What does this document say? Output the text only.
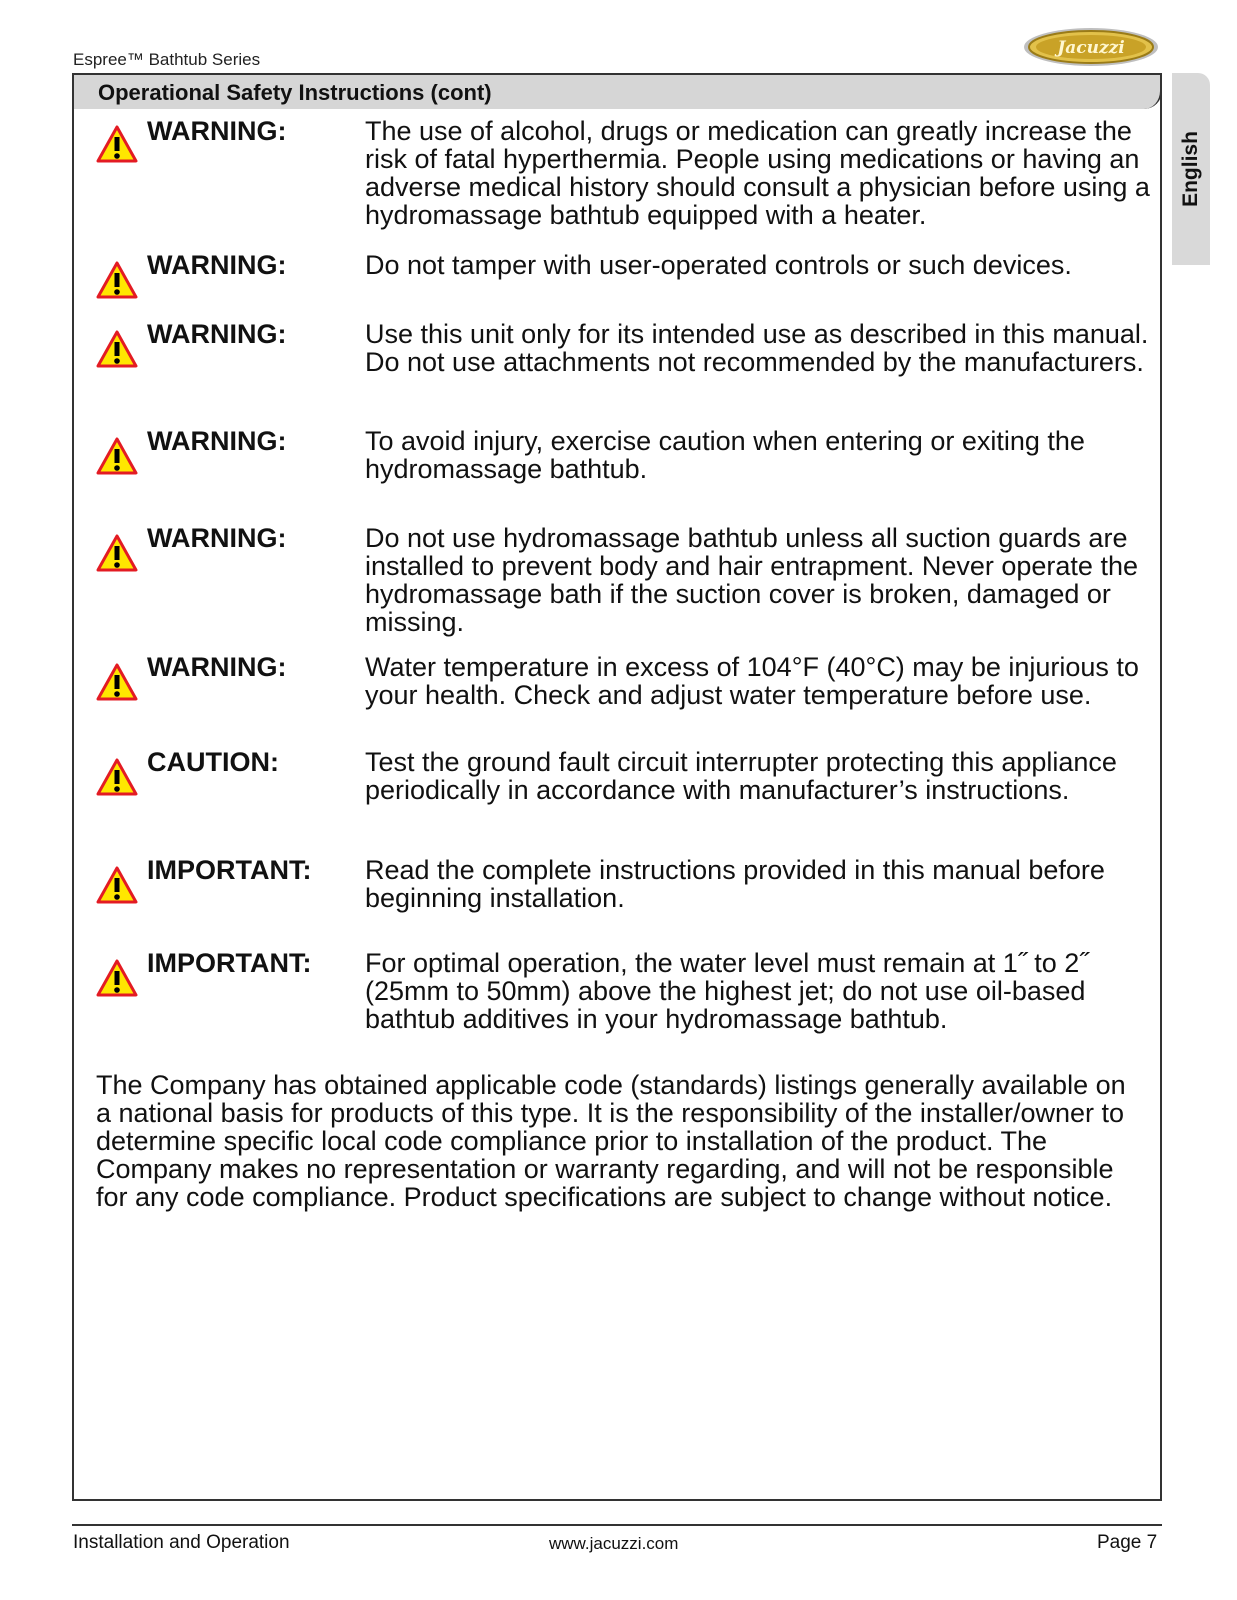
Espree™ Bathtub Series
Jacuzzi
Operational Safety Instructions (cont)
English
WARNING:	The use of alcohol, drugs or medication can greatly increase the risk of fatal hyperthermia. People using medications or having an adverse medical history should consult a physician before using a hydromassage bathtub equipped with a heater.
WARNING:	Do not tamper with user-operated controls or such devices.
WARNING:	Use this unit only for its intended use as described in this manual. Do not use attachments not recommended by the manufacturers.
WARNING:	To avoid injury, exercise caution when entering or exiting the hydromassage bathtub.
WARNING:	Do not use hydromassage bathtub unless all suction guards are installed to prevent body and hair entrapment. Never operate the hydromassage bath if the suction cover is broken, damaged or missing.
WARNING:	Water temperature in excess of 104°F (40°C) may be injurious to your health. Check and adjust water temperature before use.
CAUTION:	Test the ground fault circuit interrupter protecting this appliance periodically in accordance with manufacturer’s instructions.
IMPORTANT: Read the complete instructions provided in this manual before beginning installation.
IMPORTANT: For optimal operation, the water level must remain at 1˝ to 2˝ (25mm to 50mm) above the highest jet; do not use oil-based bathtub additives in your hydromassage bathtub.
The Company has obtained applicable code (standards) listings generally available on a national basis for products of this type. It is the responsibility of the installer/owner to determine specific local code compliance prior to installation of the product. The Company makes no representation or warranty regarding, and will not be responsible for any code compliance. Product specifications are subject to change without notice.
Installation and Operation	www.jacuzzi.com	Page 7
